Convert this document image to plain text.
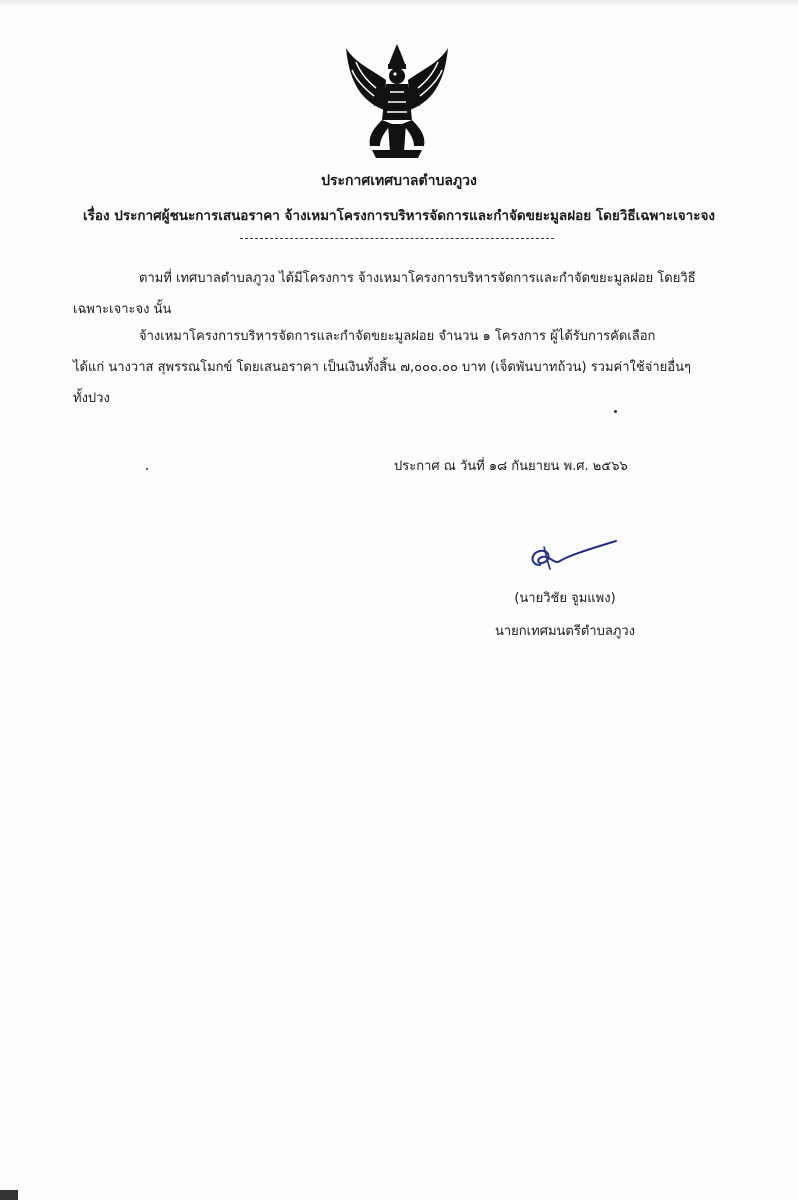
ประกาศเทศบาลตำบลภูวง
เรื่อง ประกาศผู้ชนะการเสนอราคา จ้างเหมาโครงการบริหารจัดการและกำจัดขยะมูลฝอย โดยวิธีเฉพาะเจาะจง
ตามที่ เทศบาลตำบลภูวง ได้มีโครงการ จ้างเหมาโครงการบริหารจัดการและกำจัดขยะมูลฝอย โดยวิธี
เฉพาะเจาะจง นั้น
จ้างเหมาโครงการบริหารจัดการและกำจัดขยะมูลฝอย จำนวน ๑ โครงการ ผู้ได้รับการคัดเลือก
ได้แก่ นางวาส สุพรรณโมกข์ โดยเสนอราคา เป็นเงินทั้งสิ้น ๗,๐๐๐.๐๐ บาท (เจ็ดพันบาทถ้วน) รวมค่าใช้จ่ายอื่นๆ
ทั้งปวง
ประกาศ ณ วันที่ ๑๘ กันยายน พ.ศ. ๒๕๖๖
(นายวิชัย จูมแพง)
นายกเทศมนตรีตำบลภูวง
